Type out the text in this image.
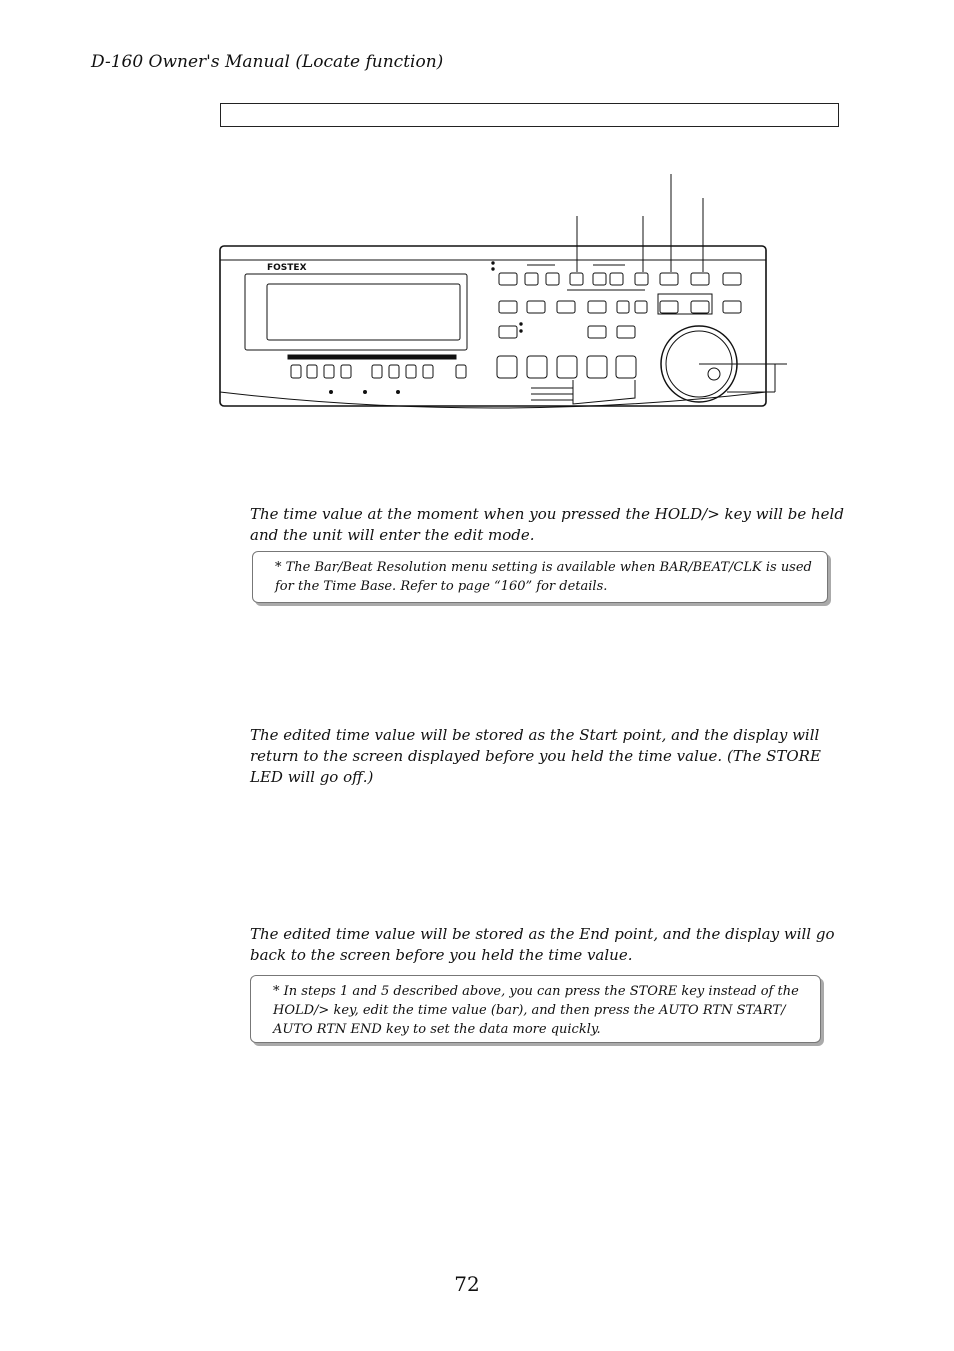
D-160 Owner's Manual (Locate function)
FOSTEX

The time value at the moment when you pressed the HOLD/> key will be held and the unit will enter the edit mode.

* The Bar/Beat Resolution menu setting is available when BAR/BEAT/CLK is used for the Time Base. Refer to page “160” for details.

The edited time value will be stored as the Start point, and the display will return to the screen displayed before you held the time value. (The STORE LED will go off.)

The edited time value will be stored as the End point, and the display will go back to the screen before you held the time value.

* In steps 1 and 5 described above, you can press the STORE key instead of the HOLD/> key, edit the time value (bar), and then press the AUTO RTN START/ AUTO RTN END key to set the data more quickly.
72
